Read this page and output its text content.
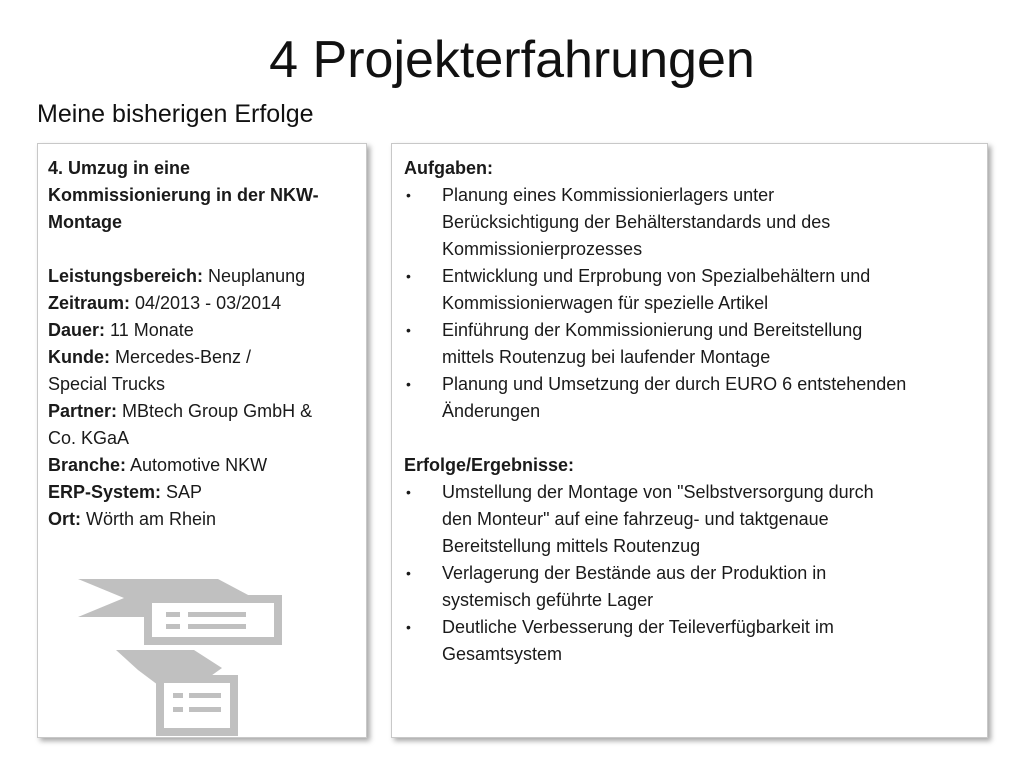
4 Projekterfahrungen
Meine bisherigen Erfolge
4. Umzug in eine
Kommissionierung in der NKW-
Montage
Leistungsbereich: Neuplanung
Zeitraum: 04/2013 - 03/2014
Dauer: 11 Monate
Kunde: Mercedes-Benz /
Special Trucks
Partner: MBtech Group GmbH &
Co. KGaA
Branche: Automotive NKW
ERP-System: SAP
Ort: Wörth am Rhein
Aufgaben:
• Planung eines Kommissionierlagers unter
Berücksichtigung der Behälterstandards und des
Kommissionierprozesses
• Entwicklung und Erprobung von Spezialbehältern und
Kommissionierwagen für spezielle Artikel
• Einführung der Kommissionierung und Bereitstellung
mittels Routenzug bei laufender Montage
• Planung und Umsetzung der durch EURO 6 entstehenden
Änderungen
Erfolge/Ergebnisse:
• Umstellung der Montage von "Selbstversorgung durch
den Monteur" auf eine fahrzeug- und taktgenaue
Bereitstellung mittels Routenzug
• Verlagerung der Bestände aus der Produktion in
systemisch geführte Lager
• Deutliche Verbesserung der Teileverfügbarkeit im
Gesamtsystem
